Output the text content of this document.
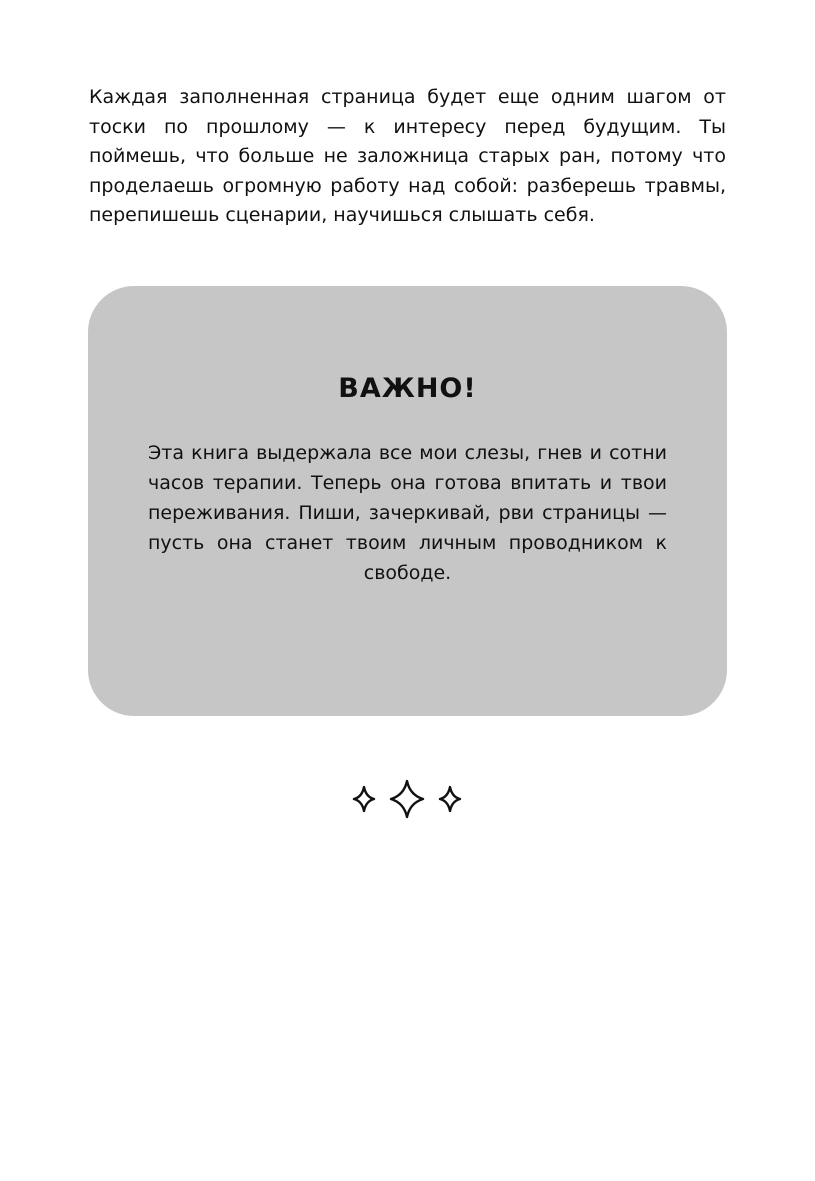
Каждая заполненная страница будет еще одним шагом от тоски по прошлому — к интересу перед будущим. Ты поймешь, что больше не заложница старых ран, потому что проделаешь огромную работу над собой: разберешь травмы, перепишешь сценарии, научишься слышать себя.

ВАЖНО!

Эта книга выдержала все мои слезы, гнев и сотни часов терапии. Теперь она готова впитать и твои переживания. Пиши, зачеркивай, рви страницы — пусть она станет твоим личным проводником к свободе.
